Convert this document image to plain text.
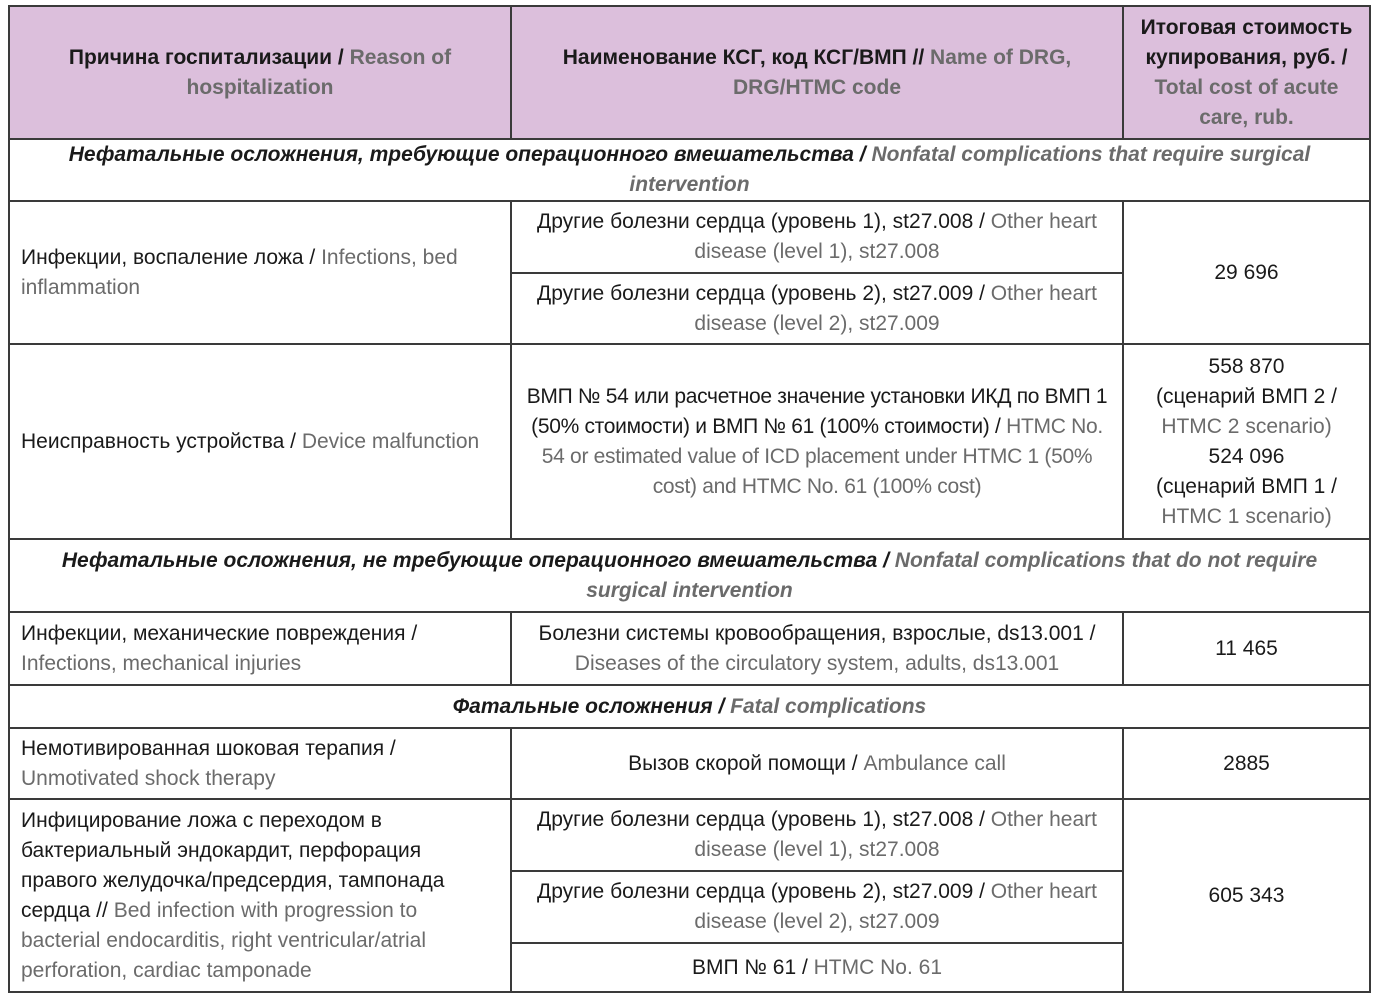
Причина госпитализации / Reason of hospitalization	Наименование КСГ, код КСГ/ВМП // Name of DRG, DRG/HTMC code	Итоговая стоимость купирования, руб. / Total cost of acute care, rub.
Нефатальные осложнения, требующие операционного вмешательства / Nonfatal complications that require surgical intervention		
Инфекции, воспаление ложа / Infections, bed inflammation	Другие болезни сердца (уровень 1), st27.008 / Other heart disease (level 1), st27.008	29 696
	Другие болезни сердца (уровень 2), st27.009 / Other heart disease (level 2), st27.009	
Неисправность устройства / Device malfunction	ВМП № 54 или расчетное значение установки ИКД по ВМП 1 (50% стоимости) и ВМП № 61 (100% стоимости) / HTMC No. 54 or estimated value of ICD placement under HTMC 1 (50% cost) and HTMC No. 61 (100% cost)	558 870
(сценарий ВМП 2 / HTMC 2 scenario)
524 096
(сценарий ВМП 1 / HTMC 1 scenario)

Нефатальные осложнения, не требующие операционного вмешательства / Nonfatal complications that do not require surgical intervention		
Инфекции, механические повреждения / Infections, mechanical injuries	Болезни системы кровообращения, взрослые, ds13.001 / Diseases of the circulatory system, adults, ds13.001	11 465
Фатальные осложнения / Fatal complications		
Немотивированная шоковая терапия / Unmotivated shock therapy	Вызов скорой помощи / Ambulance call	2885
Инфицирование ложа с переходом в бактериальный эндокардит, перфорация правого желудочка/предсердия, тампонада сердца // Bed infection with progression to bacterial endocarditis, right ventricular/atrial perforation, cardiac tamponade	Другие болезни сердца (уровень 1), st27.008 / Other heart disease (level 1), st27.008	605 343
	Другие болезни сердца (уровень 2), st27.009 / Other heart disease (level 2), st27.009	
	ВМП № 61 / HTMC No. 61	
